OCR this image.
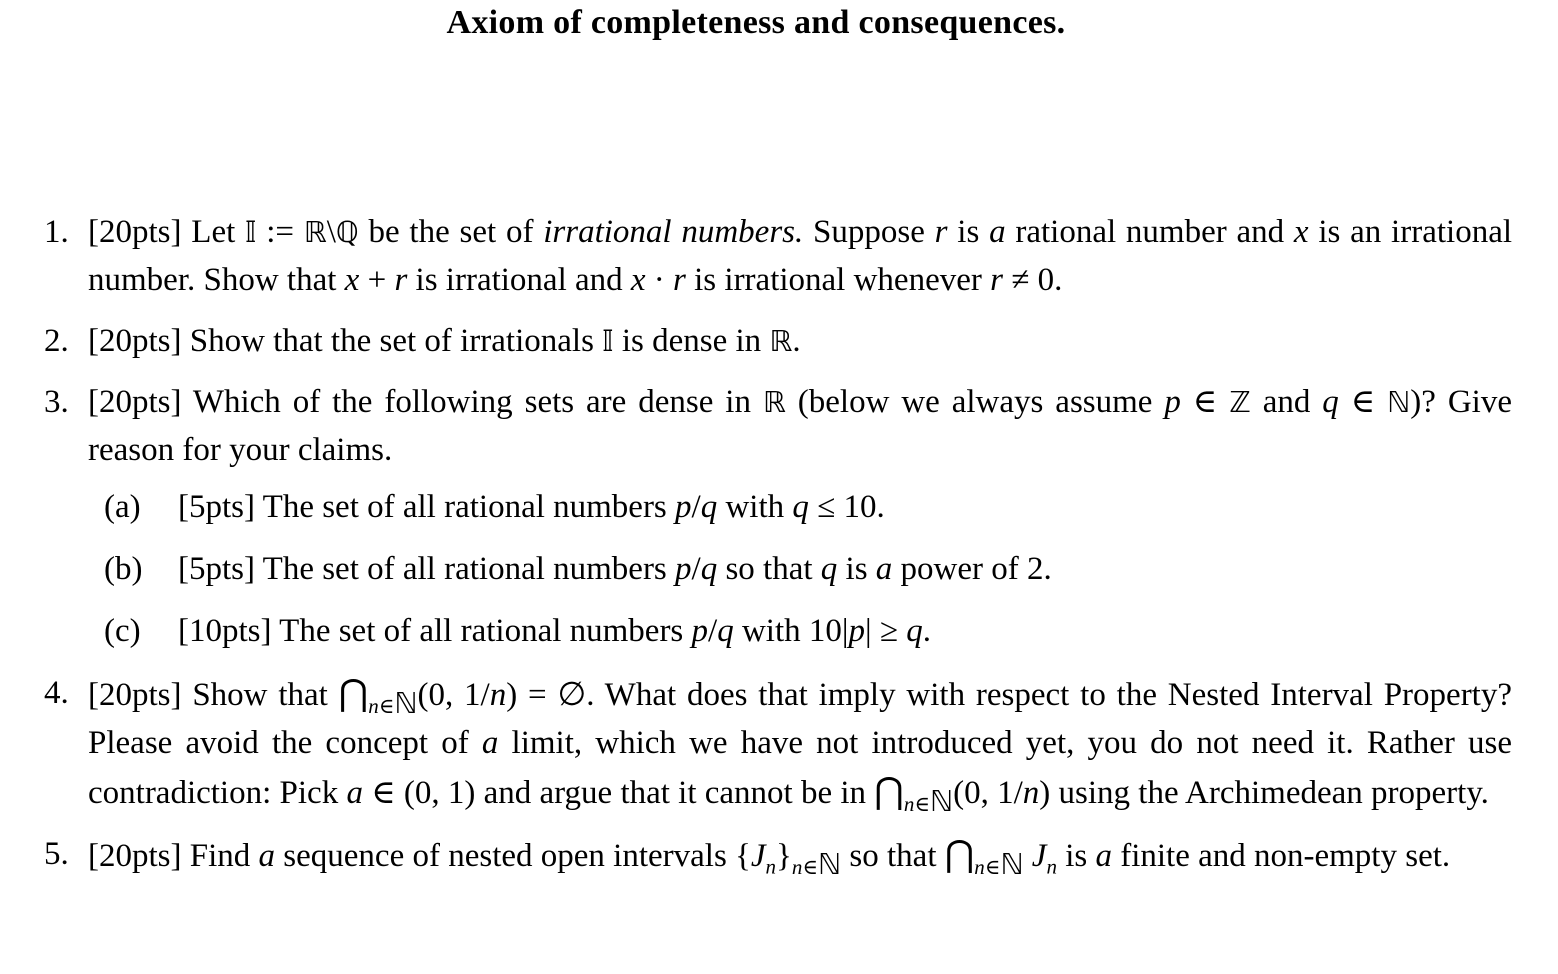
Axiom of completeness and consequences.
1. [20pts] Let � := ℝ\ℚ be the set of irrational numbers. Suppose r is a rational number and x is an irrational number. Show that x + r is irrational and x · r is irrational whenever r ≠ 0.
2. [20pts] Show that the set of irrationals � is dense in ℝ.
3. [20pts] Which of the following sets are dense in ℝ (below we always assume p ∈ ℤ and q ∈ ℕ)? Give reason for your claims.
(a) [5pts] The set of all rational numbers p/q with q ≤ 10.
(b) [5pts] The set of all rational numbers p/q so that q is a power of 2.
(c) [10pts] The set of all rational numbers p/q with 10|p| ≥ q.
4. [20pts] Show that $⋂_{n\in ℕ}(0$, 1/n) = ∅. What does that imply with respect to the Nested Interval Property? Please avoid the concept of a limit, which we have not introduced yet, you do not need it. Rather use contradiction: Pick a ∈ (0, 1) and argue that it cannot be in $⋂_{n\in ℕ}(0$, 1/n) using the Archimedean property.
5. [20pts] Find a sequence of nested open intervals $\{J_n\}_{n\in ℕ}$ so that $⋂_{n\in ℕ}$ $J_n$ is a finite and non-empty set.
